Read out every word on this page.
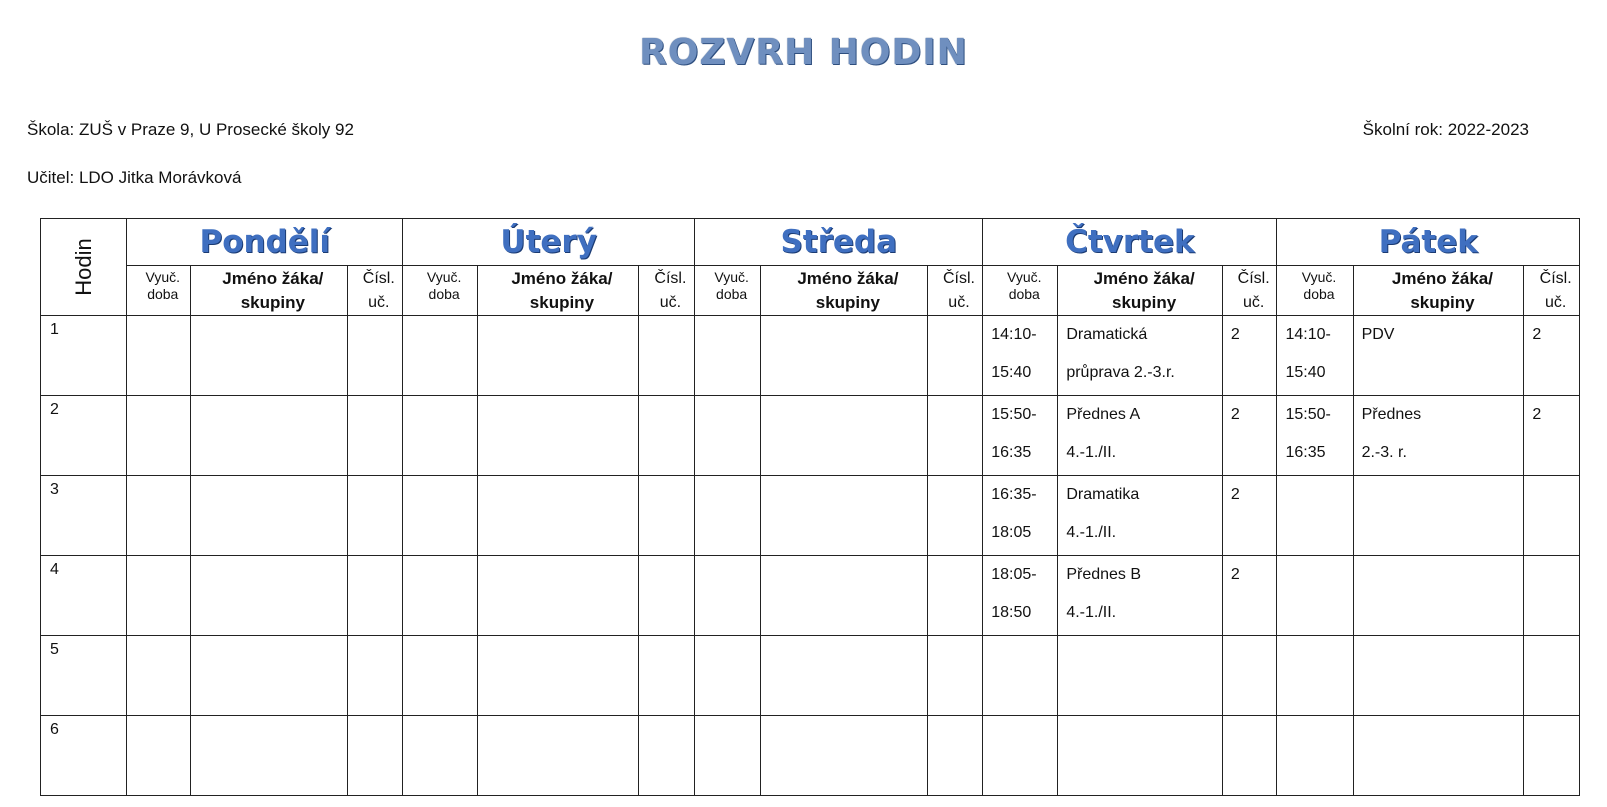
ROZVRH HODIN
Škola: ZUŠ v Praze 9, U Prosecké školy 92	Školní rok: 2022-2023
Učitel: LDO Jitka Morávková
Hodin	Pondělí			Úterý			Středa			Čtvrtek			Pátek		
	Vyuč.
doba	Jméno žáka/
skupiny	Čísl.
uč.	Vyuč.
doba	Jméno žáka/
skupiny	Čísl.
uč.	Vyuč.
doba	Jméno žáka/
skupiny	Čísl.
uč.	Vyuč.
doba	Jméno žáka/
skupiny	Čísl.
uč.	Vyuč.
doba	Jméno žáka/
skupiny	Čísl.
uč.
1										14:10-
15:40	Dramatická
průprava 2.-3.r.	2	14:10-
15:40	PDV	2
2										15:50-
16:35	Přednes A
4.-1./II.	2	15:50-
16:35	Přednes
2.-3. r.	2
3										16:35-
18:05	Dramatika
4.-1./II.	2	

4										18:05-
18:50	Přednes B
4.-1./II.	2	

5	

6	
